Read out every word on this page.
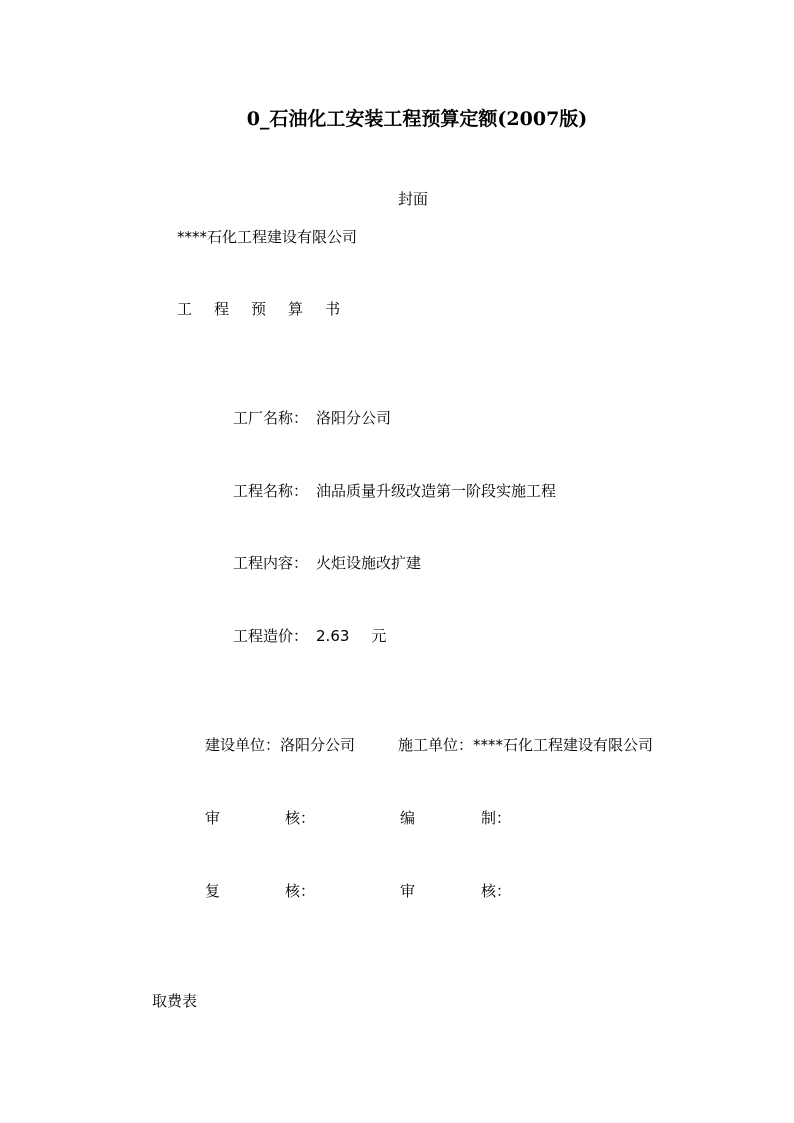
0_石油化工安装工程预算定额(2007版)
封面
****石化工程建设有限公司
工 程 预 算 书
工厂名称： 洛阳分公司
工程名称： 油品质量升级改造第一阶段实施工程
工程内容： 火炬设施改扩建
工程造价： 2.63 元
建设单位：洛阳分公司	施工单位：****石化工程建设有限公司
审	核：	编	制：
复	核：	审	核：
取费表
